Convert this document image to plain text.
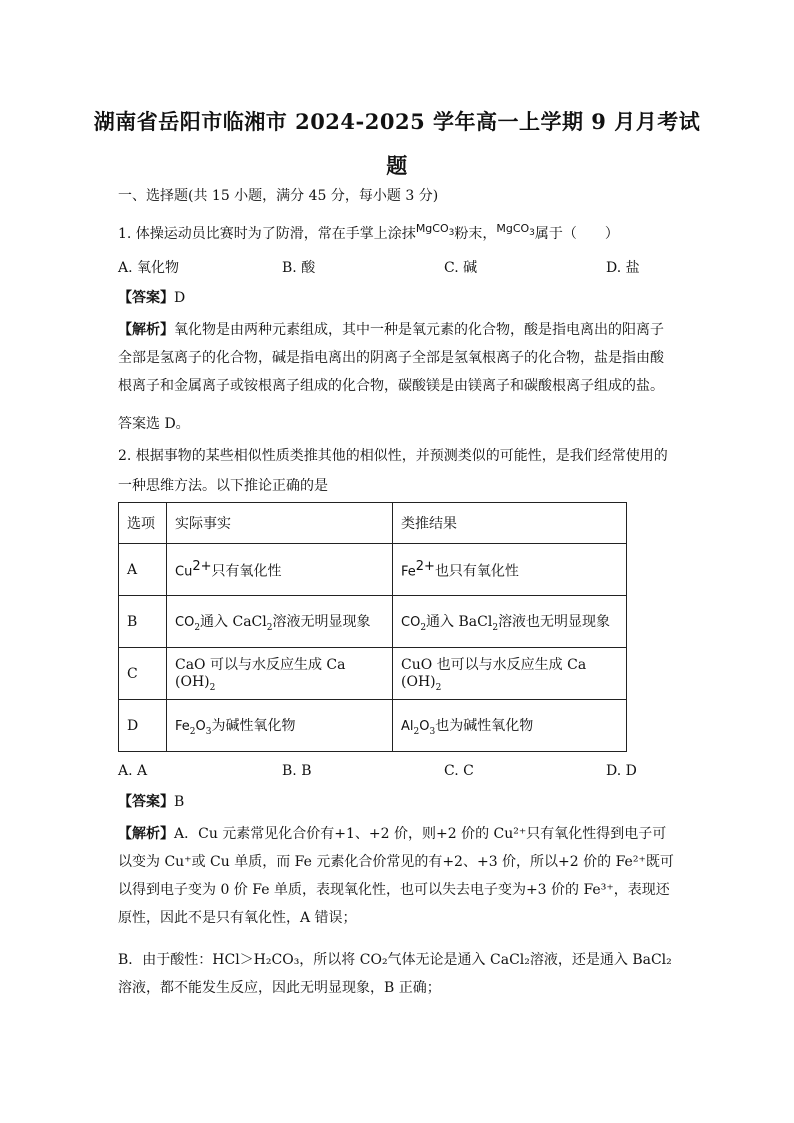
湖南省岳阳市临湘市 2024-2025 学年高一上学期 9 月月考试
题
一、选择题(共 15 小题，满分 45 分，每小题 3 分)
1. 体操运动员比赛时为了防滑，常在手掌上涂抹$^{MgCO_3}$粉末，$^{MgCO_3}$属于（　　）
A. 氧化物	B. 酸	C. 碱	D. 盐
【答案】D
【解析】氧化物是由两种元素组成，其中一种是氧元素的化合物，酸是指电离出的阳离子全部是氢离子的化合物，碱是指电离出的阴离子全部是氢氧根离子的化合物，盐是指由酸根离子和金属离子或铵根离子组成的化合物，碳酸镁是由镁离子和碳酸根离子组成的盐。
答案选 D。
2. 根据事物的某些相似性质类推其他的相似性，并预测类似的可能性，是我们经常使用的
一种思维方法。以下推论正确的是
选项	实际事实	类推结果
A	$Cu^{2+}$只有氧化性	$Fe^{2+}$也只有氧化性
B	$CO_2$通入 CaCl$_2$溶液无明显现象	$CO_2$通入 BaCl$_2$溶液也无明显现象
C	CaO 可以与水反应生成 Ca $(OH)_2$	CuO 也可以与水反应生成 Ca $(OH)_2$
D	$Fe_2O_3$为碱性氧化物	$Al_2O_3$也为碱性氧化物
A. A	B. B	C. C	D. D
【答案】B
【解析】A．Cu 元素常见化合价有+1、+2 价，则+2 价的 Cu²⁺只有氧化性得到电子可以变为 Cu⁺或 Cu 单质，而 Fe 元素化合价常见的有+2、+3 价，所以+2 价的 Fe²⁺既可以得到电子变为 0 价 Fe 单质，表现氧化性，也可以失去电子变为+3 价的 Fe³⁺，表现还原性，因此不是只有氧化性，A 错误；
B．由于酸性：HCl＞H₂CO₃，所以将 CO₂气体无论是通入 CaCl₂溶液，还是通入 BaCl₂溶液，都不能发生反应，因此无明显现象，B 正确；
